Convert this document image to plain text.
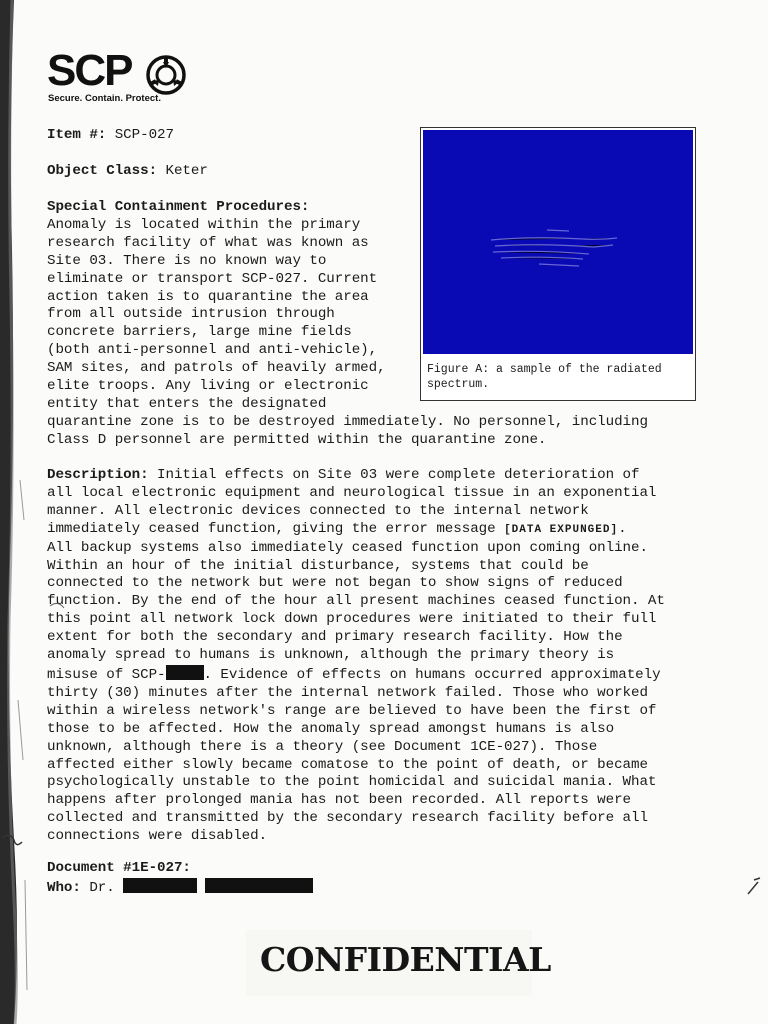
SCP
Secure. Contain. Protect.
Item #: SCP-027
Object Class: Keter
Special Containment Procedures:
Anomaly is located within the primary
research facility of what was known as
Site 03. There is no known way to
eliminate or transport SCP-027. Current
action taken is to quarantine the area
from all outside intrusion through
concrete barriers, large mine fields
(both anti-personnel and anti-vehicle),
SAM sites, and patrols of heavily armed,
elite troops. Any living or electronic
entity that enters the designated
quarantine zone is to be destroyed immediately. No personnel, including
Class D personnel are permitted within the quarantine zone.
Figure A: a sample of the radiated
spectrum.
Description: Initial effects on Site 03 were complete deterioration of
all local electronic equipment and neurological tissue in an exponential
manner. All electronic devices connected to the internal network
immediately ceased function, giving the error message [DATA EXPUNGED].
All backup systems also immediately ceased function upon coming online.
Within an hour of the initial disturbance, systems that could be
connected to the network but were not began to show signs of reduced
function. By the end of the hour all present machines ceased function. At
this point all network lock down procedures were initiated to their full
extent for both the secondary and primary research facility. How the
anomaly spread to humans is unknown, although the primary theory is
misuse of SCP-	. Evidence of effects on humans occurred approximately
thirty (30) minutes after the internal network failed. Those who worked
within a wireless network's range are believed to have been the first of
those to be affected. How the anomaly spread amongst humans is also
unknown, although there is a theory (see Document 1CE-027). Those
affected either slowly became comatose to the point of death, or became
psychologically unstable to the point homicidal and suicidal mania. What
happens after prolonged mania has not been recorded. All reports were
collected and transmitted by the secondary research facility before all
connections were disabled.
Document #1E-027:
Who: Dr.
CONFIDENTIAL
